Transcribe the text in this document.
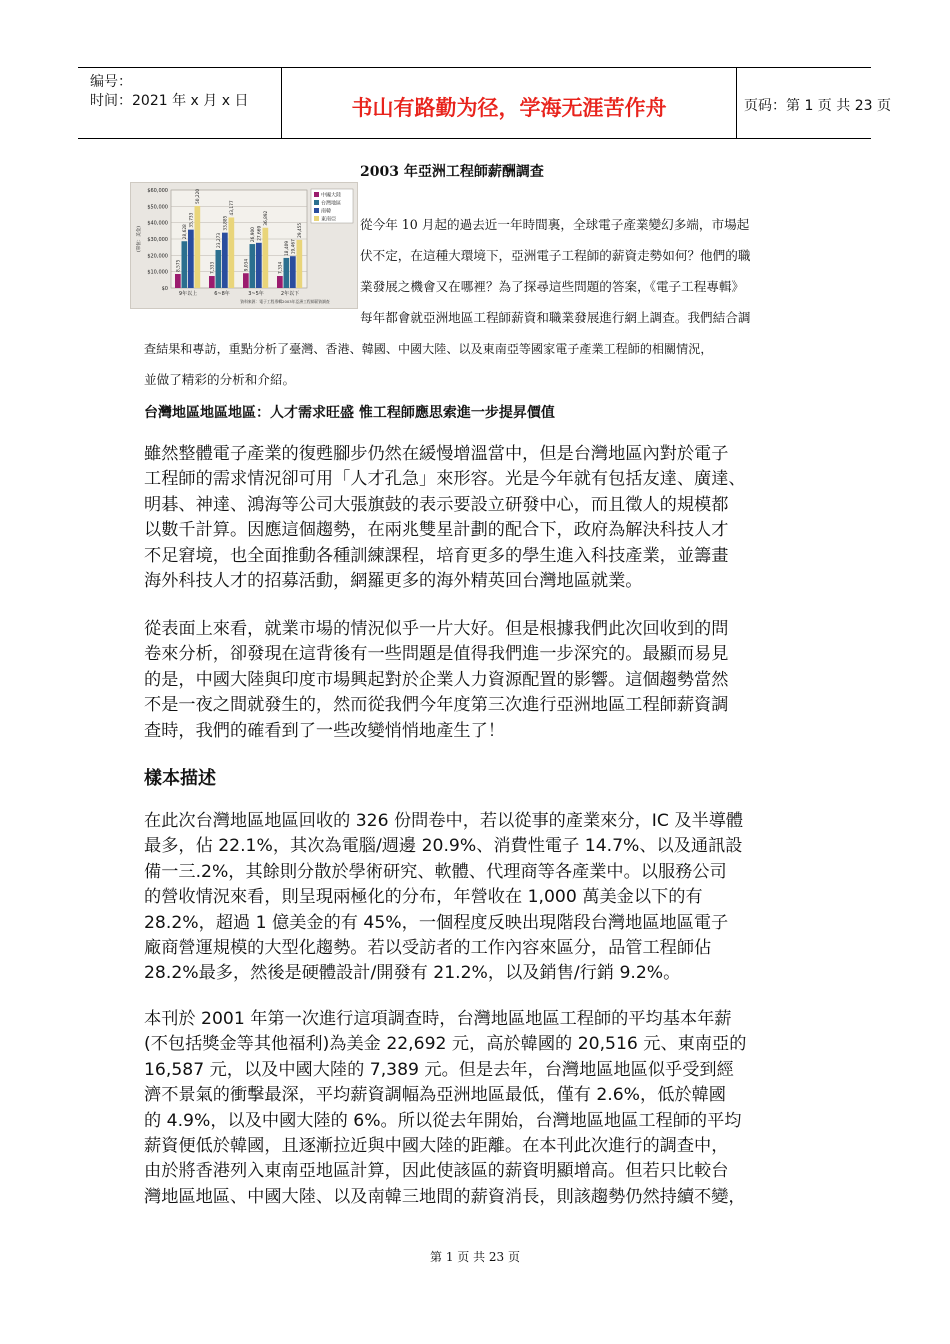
编号：
时间：2021 年 x 月 x 日	书山有路勤为径，学海无涯苦作舟	页码：第 1 页 共 23 页
2003 年亞洲工程師薪酬調查
$0
$10,000
$20,000
$30,000
$40,000
$50,000
$60,000
(單位：美金)
8,575
28,628
35,733
50,220
9年以上
7,333
23,273
33,885
43,177
6~8年
9,034
26,900 27,669
36,892
3~5年
7,334
18,409 19,467
29,455
2年以下
中國大陸
台灣地區
南韓
東南亞
資料來源：電子工程專輯2003年亞洲工程師薪資調查
從今年 10 月起的過去近一年時間裏，全球電子產業變幻多端，市場起
伏不定，在這種大環境下，亞洲電子工程師的薪資走勢如何？他們的職
業發展之機會又在哪裡？為了探尋這些問題的答案，《電子工程專輯》
每年都會就亞洲地區工程師薪資和職業發展進行網上調查。我們結合調
查結果和專訪，重點分析了臺灣、香港、韓國、中國大陸、以及東南亞等國家電子產業工程師的相關情況，
並做了精彩的分析和介紹。
台灣地區地區地區：人才需求旺盛 惟工程師應思索進一步提昇價值
雖然整體電子產業的復甦腳步仍然在緩慢增溫當中，但是台灣地區內對於電子
工程師的需求情況卻可用「人才孔急」來形容。光是今年就有包括友達、廣達、
明碁、神達、鴻海等公司大張旗鼓的表示要設立研發中心，而且徵人的規模都
以數千計算。因應這個趨勢，在兩兆雙星計劃的配合下，政府為解決科技人才
不足窘境，也全面推動各種訓練課程，培育更多的學生進入科技產業，並籌畫
海外科技人才的招募活動，網羅更多的海外精英回台灣地區就業。
從表面上來看，就業市場的情況似乎一片大好。但是根據我們此次回收到的問
卷來分析，卻發現在這背後有一些問題是值得我們進一步深究的。最顯而易見
的是，中國大陸與印度市場興起對於企業人力資源配置的影響。這個趨勢當然
不是一夜之間就發生的，然而從我們今年度第三次進行亞洲地區工程師薪資調
查時，我們的確看到了一些改變悄悄地產生了！
樣本描述
在此次台灣地區地區回收的 326 份問卷中，若以從事的產業來分，IC 及半導體
最多，佔 22.1%，其次為電腦/週邊 20.9%、消費性電子 14.7%、以及通訊設
備一三.2%，其餘則分散於學術研究、軟體、代理商等各產業中。以服務公司
的營收情況來看，則呈現兩極化的分布，年營收在 1,000 萬美金以下的有
28.2%，超過 1 億美金的有 45%，一個程度反映出現階段台灣地區地區電子
廠商營運規模的大型化趨勢。若以受訪者的工作內容來區分，品管工程師佔
28.2%最多，然後是硬體設計/開發有 21.2%，以及銷售/行銷 9.2%。
本刊於 2001 年第一次進行這項調查時，台灣地區地區工程師的平均基本年薪
(不包括獎金等其他福利)為美金 22,692 元，高於韓國的 20,516 元、東南亞的
16,587 元，以及中國大陸的 7,389 元。但是去年，台灣地區地區似乎受到經
濟不景氣的衝擊最深，平均薪資調幅為亞洲地區最低，僅有 2.6%，低於韓國
的 4.9%，以及中國大陸的 6%。所以從去年開始，台灣地區地區工程師的平均
薪資便低於韓國，且逐漸拉近與中國大陸的距離。在本刊此次進行的調查中，
由於將香港列入東南亞地區計算，因此使該區的薪資明顯增高。但若只比較台
灣地區地區、中國大陸、以及南韓三地間的薪資消長，則該趨勢仍然持續不變，
第 1 页 共 23 页
